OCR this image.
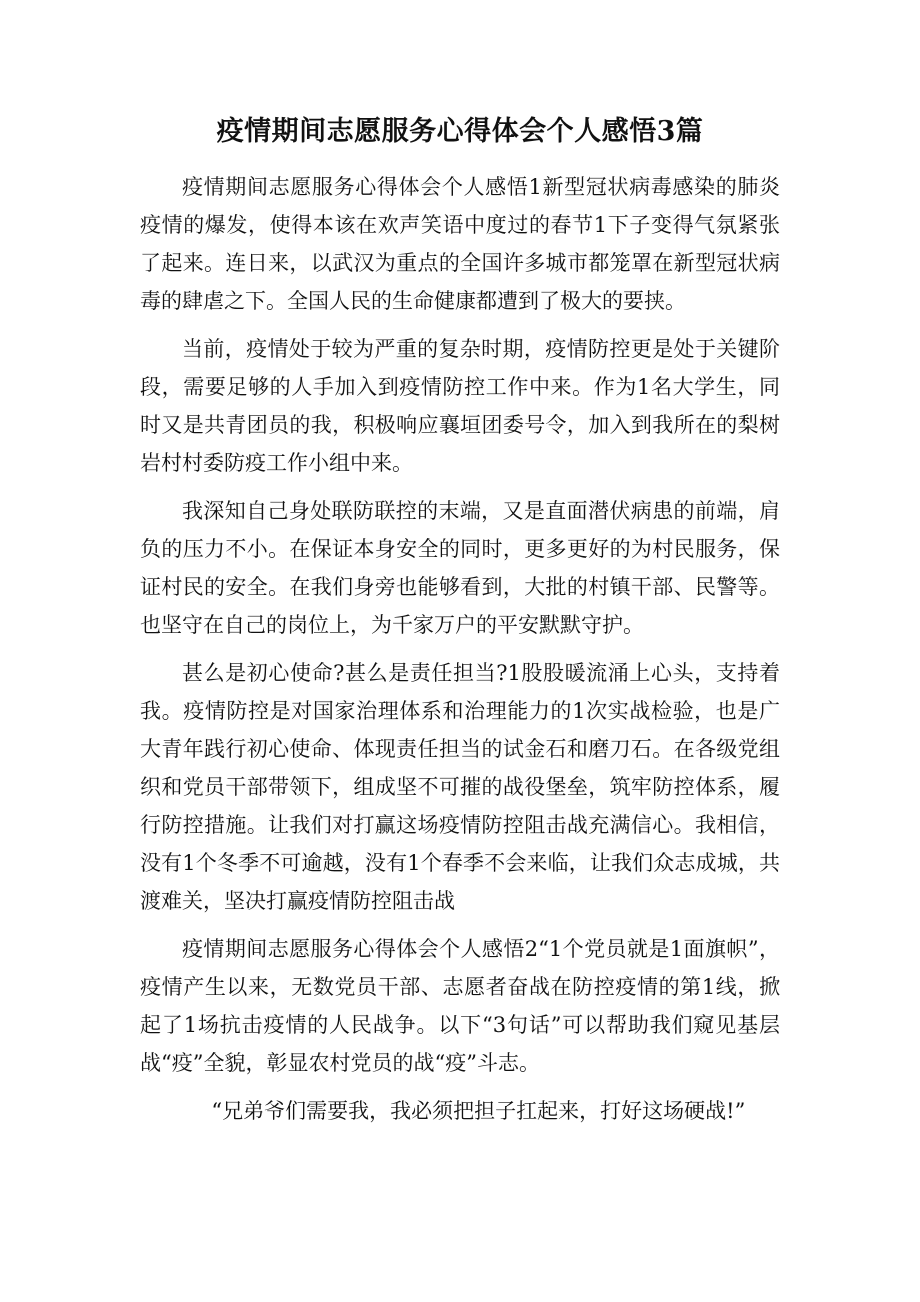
疫情期间志愿服务心得体会个人感悟3篇

疫情期间志愿服务心得体会个人感悟1新型冠状病毒感染的肺炎疫情的爆发，使得本该在欢声笑语中度过的春节1下子变得气氛紧张了起来。连日来，以武汉为重点的全国许多城市都笼罩在新型冠状病毒的肆虐之下。全国人民的生命健康都遭到了极大的要挟。

当前，疫情处于较为严重的复杂时期，疫情防控更是处于关键阶段，需要足够的人手加入到疫情防控工作中来。作为1名大学生，同时又是共青团员的我，积极响应襄垣团委号令，加入到我所在的梨树岩村村委防疫工作小组中来。

我深知自己身处联防联控的末端，又是直面潜伏病患的前端，肩负的压力不小。在保证本身安全的同时，更多更好的为村民服务，保证村民的安全。在我们身旁也能够看到，大批的村镇干部、民警等。也坚守在自己的岗位上，为千家万户的平安默默守护。

甚么是初心使命?甚么是责任担当?1股股暖流涌上心头，支持着我。疫情防控是对国家治理体系和治理能力的1次实战检验，也是广大青年践行初心使命、体现责任担当的试金石和磨刀石。在各级党组织和党员干部带领下，组成坚不可摧的战役堡垒，筑牢防控体系，履行防控措施。让我们对打赢这场疫情防控阻击战充满信心。我相信，没有1个冬季不可逾越，没有1个春季不会来临，让我们众志成城，共渡难关，坚决打赢疫情防控阻击战

疫情期间志愿服务心得体会个人感悟2“1个党员就是1面旗帜”，疫情产生以来，无数党员干部、志愿者奋战在防控疫情的第1线，掀起了1场抗击疫情的人民战争。以下“3句话”可以帮助我们窥见基层战“疫”全貌，彰显农村党员的战“疫”斗志。

“兄弟爷们需要我，我必须把担子扛起来，打好这场硬战!”
